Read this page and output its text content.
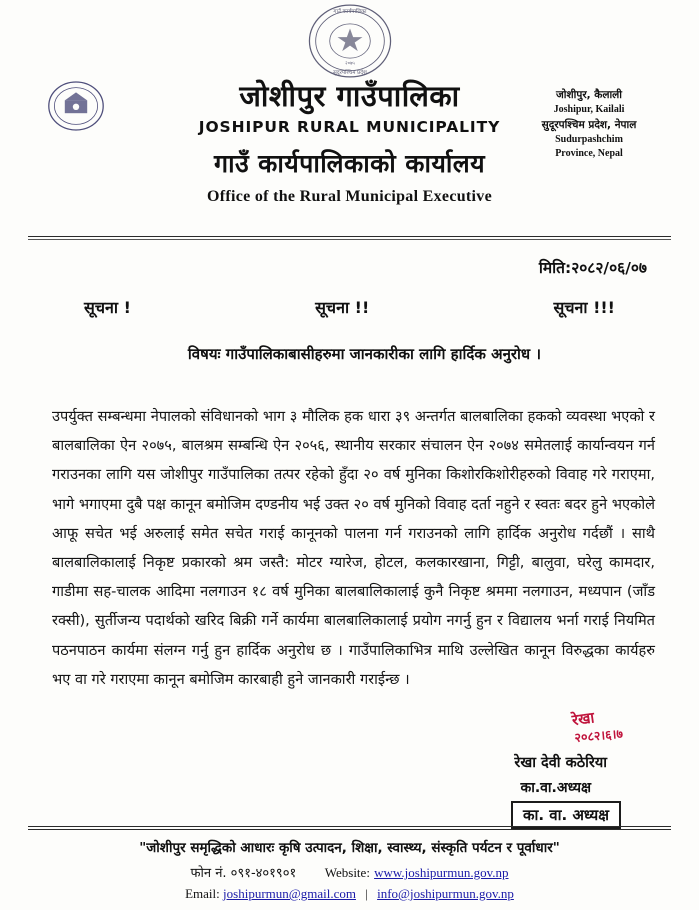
गाउँ कार्यपालिका
सुदूरपश्चिम प्रदेश
२०७५
जोशीपुर, कैलाली
Joshipur, Kailali
सुदूरपश्चिम प्रदेश, नेपाल
Sudurpashchim
Province, Nepal
जोशीपुर गाउँपालिका
JOSHIPUR RURAL MUNICIPALITY
गाउँ कार्यपालिकाको कार्यालय
Office of the Rural Municipal Executive
मिति:२०८२/०६/०७
सूचना !	सूचना !!	सूचना !!!
विषयः गाउँपालिकाबासीहरुमा जानकारीका लागि हार्दिक अनुरोध ।
उपर्युक्त सम्बन्धमा नेपालको संविधानको भाग ३ मौलिक हक धारा ३९ अन्तर्गत बालबालिका हकको व्यवस्था भएको र बालबालिका ऐन २०७५, बालश्रम सम्बन्धि ऐन २०५६, स्थानीय सरकार संचालन ऐन २०७४ समेतलाई कार्यान्वयन गर्न गराउनका लागि यस जोशीपुर गाउँपालिका तत्पर रहेको हुँदा २० वर्ष मुनिका किशोरकिशोरीहरुको विवाह गरे गराएमा, भागे भगाएमा दुबै पक्ष कानून बमोजिम दण्डनीय भई उक्त २० वर्ष मुनिको विवाह दर्ता नहुने र स्वतः बदर हुने भएकोले आफू सचेत भई अरुलाई समेत सचेत गराई कानूनको पालना गर्न गराउनको लागि हार्दिक अनुरोध गर्दछौं । साथै बालबालिकालाई निकृष्ट प्रकारको श्रम जस्तै: मोटर ग्यारेज, होटल, कलकारखाना, गिट्टी, बालुवा, घरेलु कामदार, गाडीमा सह-चालक आदिमा नलगाउन १८ वर्ष मुनिका बालबालिकालाई कुनै निकृष्ट श्रममा नलगाउन, मध्यपान (जाँड रक्सी), सुर्तीजन्य पदार्थको खरिद बिक्री गर्ने कार्यमा बालबालिकालाई प्रयोग नगर्नु हुन र विद्यालय भर्ना गराई नियमित पठनपाठन कार्यमा संलग्न गर्नु हुन हार्दिक अनुरोध छ । गाउँपालिकाभित्र माथि उल्लेखित कानून विरुद्धका कार्यहरु भए वा गरे गराएमा कानून बमोजिम कारबाही हुने जानकारी गराईन्छ ।
रेखा
२०८२।६।७
रेखा देवी कठेरिया
का.वा.अध्यक्ष
का. वा. अध्यक्ष
"जोशीपुर समृद्धिको आधारः कृषि उत्पादन, शिक्षा, स्वास्थ्य, संस्कृति पर्यटन र पूर्वाधार"
फोन नं. ०९१-४०१९०१ Website: www.joshipurmun.gov.np
Email: joshipurmun@gmail.com | info@joshipurmun.gov.np
